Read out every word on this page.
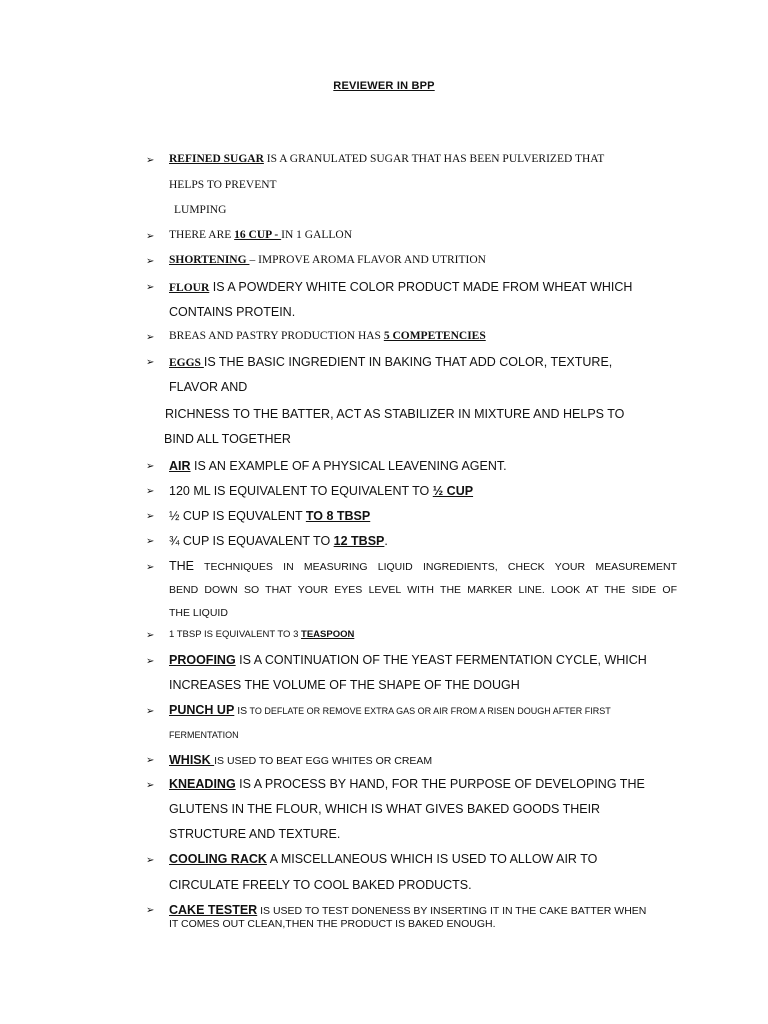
REVIEWER IN BPP
➢ REFINED SUGAR IS A GRANULATED SUGAR THAT HAS BEEN PULVERIZED THAT
HELPS TO PREVENT
LUMPING
➢ THERE ARE 16 CUP - IN 1 GALLON
➢ SHORTENING – IMPROVE AROMA FLAVOR AND UTRITION
➢ FLOUR IS A POWDERY WHITE COLOR PRODUCT MADE FROM WHEAT WHICH
CONTAINS PROTEIN.
➢ BREAS AND PASTRY PRODUCTION HAS 5 COMPETENCIES
➢ EGGS IS THE BASIC INGREDIENT IN BAKING THAT ADD COLOR, TEXTURE,
FLAVOR AND
RICHNESS TO THE BATTER, ACT AS STABILIZER IN MIXTURE AND HELPS TO
BIND ALL TOGETHER
➢ AIR IS AN EXAMPLE OF A PHYSICAL LEAVENING AGENT.
➢ 120 ML IS EQUIVALENT TO EQUIVALENT TO ½ CUP
➢ ½ CUP IS EQUVALENT TO 8 TBSP
➢ ¾ CUP IS EQUAVALENT TO 12 TBSP.
➢ THE TECHNIQUES IN MEASURING LIQUID INGREDIENTS, CHECK YOUR MEASUREMENT
BEND DOWN SO THAT YOUR EYES LEVEL WITH THE MARKER LINE. LOOK AT THE SIDE OF
THE LIQUID
➢ 1 TBSP IS EQUIVALENT TO 3 TEASPOON
➢ PROOFING IS A CONTINUATION OF THE YEAST FERMENTATION CYCLE, WHICH
INCREASES THE VOLUME OF THE SHAPE OF THE DOUGH
➢ PUNCH UP IS TO DEFLATE OR REMOVE EXTRA GAS OR AIR FROM A RISEN DOUGH AFTER FIRST
FERMENTATION
➢ WHISK IS USED TO BEAT EGG WHITES OR CREAM
➢ KNEADING IS A PROCESS BY HAND, FOR THE PURPOSE OF DEVELOPING THE
GLUTENS IN THE FLOUR, WHICH IS WHAT GIVES BAKED GOODS THEIR
STRUCTURE AND TEXTURE.
➢ COOLING RACK A MISCELLANEOUS WHICH IS USED TO ALLOW AIR TO
CIRCULATE FREELY TO COOL BAKED PRODUCTS.
➢ CAKE TESTER IS USED TO TEST DONENESS BY INSERTING IT IN THE CAKE BATTER WHEN
IT COMES OUT CLEAN,THEN THE PRODUCT IS BAKED ENOUGH.
